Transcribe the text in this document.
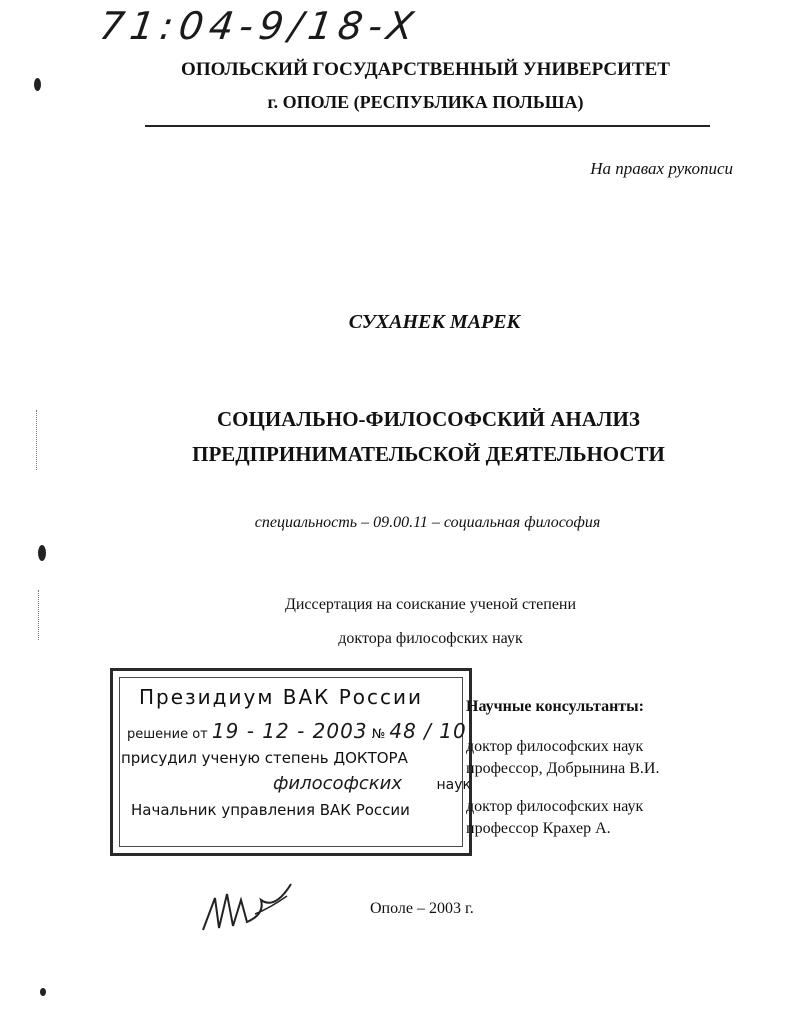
71:04-9/18-X
ОПОЛЬСКИЙ ГОСУДАРСТВЕННЫЙ УНИВЕРСИТЕТ
г. ОПОЛЕ (РЕСПУБЛИКА ПОЛЬША)
На правах рукописи
СУХАНЕК МАРЕК
СОЦИАЛЬНО-ФИЛОСОФСКИЙ АНАЛИЗ
ПРЕДПРИНИМАТЕЛЬСКОЙ ДЕЯТЕЛЬНОСТИ
специальность – 09.00.11 – социальная философия
Диссертация на соискание ученой степени
доктора философских наук
Президиум ВАК России
решение от 19 - 12 - 2003 № 48 / 10
присудил ученую степень ДОКТОРА
философских наук
Начальник управления ВАК России
Научные консультанты:
доктор философских наук
профессор, Добрынина В.И.
доктор философских наук
профессор Крахер А.
Ополе – 2003 г.
